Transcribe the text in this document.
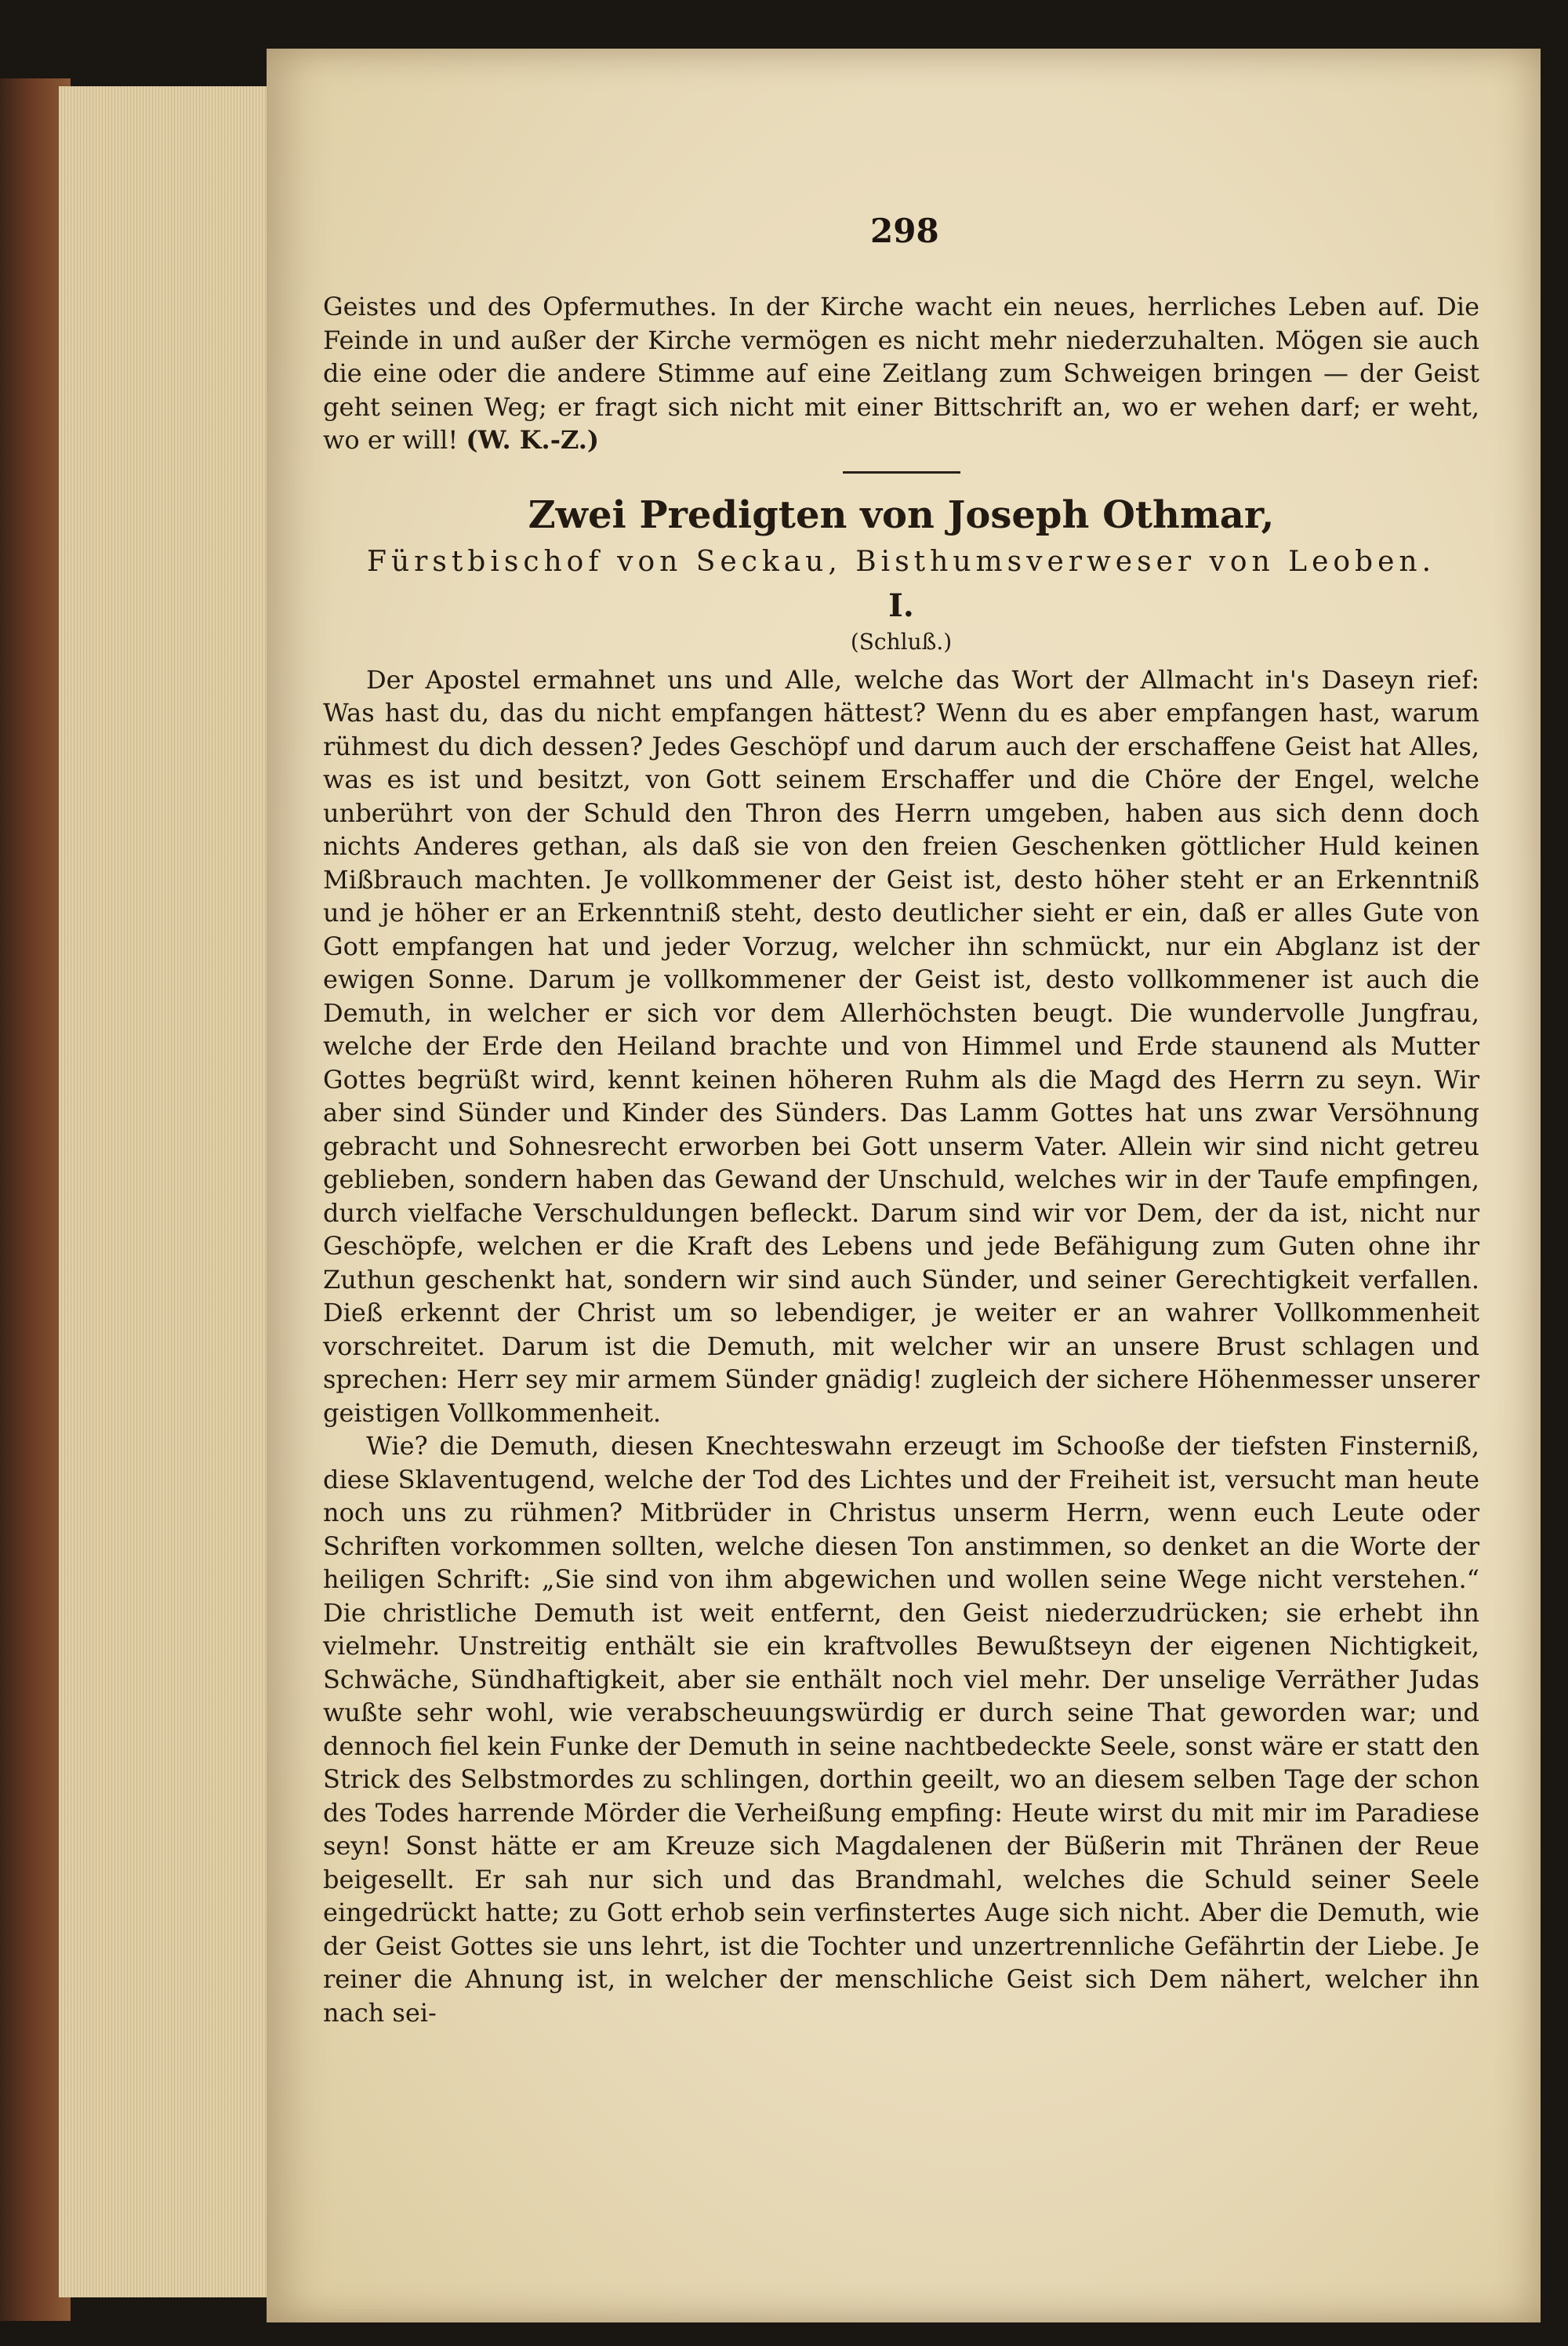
298

Geistes und des Opfermuthes. In der Kirche wacht ein neues, herrliches Leben auf. Die Feinde in und außer der Kirche vermögen es nicht mehr niederzuhalten. Mögen sie auch die eine oder die andere Stimme auf eine Zeitlang zum Schweigen bringen — der Geist geht seinen Weg; er fragt sich nicht mit einer Bittschrift an, wo er wehen darf; er weht, wo er will! (W. K.-Z.)

Zwei Predigten von Joseph Othmar,

Fürstbischof von Seckau, Bisthumsverweser von Leoben.

I.

(Schluß.)

Der Apostel ermahnet uns und Alle, welche das Wort der Allmacht in's Daseyn rief: Was hast du, das du nicht empfangen hättest? Wenn du es aber empfangen hast, warum rühmest du dich dessen? Jedes Geschöpf und darum auch der erschaffene Geist hat Alles, was es ist und besitzt, von Gott seinem Erschaffer und die Chöre der Engel, welche unberührt von der Schuld den Thron des Herrn umgeben, haben aus sich denn doch nichts Anderes gethan, als daß sie von den freien Geschenken göttlicher Huld keinen Mißbrauch machten. Je vollkommener der Geist ist, desto höher steht er an Erkenntniß und je höher er an Erkenntniß steht, desto deutlicher sieht er ein, daß er alles Gute von Gott empfangen hat und jeder Vorzug, welcher ihn schmückt, nur ein Abglanz ist der ewigen Sonne. Darum je vollkommener der Geist ist, desto vollkommener ist auch die Demuth, in welcher er sich vor dem Allerhöchsten beugt. Die wundervolle Jungfrau, welche der Erde den Heiland brachte und von Himmel und Erde staunend als Mutter Gottes begrüßt wird, kennt keinen höheren Ruhm als die Magd des Herrn zu seyn. Wir aber sind Sünder und Kinder des Sünders. Das Lamm Gottes hat uns zwar Versöhnung gebracht und Sohnesrecht erworben bei Gott unserm Vater. Allein wir sind nicht getreu geblieben, sondern haben das Gewand der Unschuld, welches wir in der Taufe empfingen, durch vielfache Verschuldungen befleckt. Darum sind wir vor Dem, der da ist, nicht nur Geschöpfe, welchen er die Kraft des Lebens und jede Befähigung zum Guten ohne ihr Zuthun geschenkt hat, sondern wir sind auch Sünder, und seiner Gerechtigkeit verfallen. Dieß erkennt der Christ um so lebendiger, je weiter er an wahrer Vollkommenheit vorschreitet. Darum ist die Demuth, mit welcher wir an unsere Brust schlagen und sprechen: Herr sey mir armem Sünder gnädig! zugleich der sichere Höhenmesser unserer geistigen Vollkommenheit.

Wie? die Demuth, diesen Knechteswahn erzeugt im Schooße der tiefsten Finsterniß, diese Sklaventugend, welche der Tod des Lichtes und der Freiheit ist, versucht man heute noch uns zu rühmen? Mitbrüder in Christus unserm Herrn, wenn euch Leute oder Schriften vorkommen sollten, welche diesen Ton anstimmen, so denket an die Worte der heiligen Schrift: „Sie sind von ihm abgewichen und wollen seine Wege nicht verstehen.“ Die christliche Demuth ist weit entfernt, den Geist niederzudrücken; sie erhebt ihn vielmehr. Unstreitig enthält sie ein kraftvolles Bewußtseyn der eigenen Nichtigkeit, Schwäche, Sündhaftigkeit, aber sie enthält noch viel mehr. Der unselige Verräther Judas wußte sehr wohl, wie verabscheuungswürdig er durch seine That geworden war; und dennoch fiel kein Funke der Demuth in seine nachtbedeckte Seele, sonst wäre er statt den Strick des Selbstmordes zu schlingen, dorthin geeilt, wo an diesem selben Tage der schon des Todes harrende Mörder die Verheißung empfing: Heute wirst du mit mir im Paradiese seyn! Sonst hätte er am Kreuze sich Magdalenen der Büßerin mit Thränen der Reue beigesellt. Er sah nur sich und das Brandmahl, welches die Schuld seiner Seele eingedrückt hatte; zu Gott erhob sein verfinstertes Auge sich nicht. Aber die Demuth, wie der Geist Gottes sie uns lehrt, ist die Tochter und unzertrennliche Gefährtin der Liebe. Je reiner die Ahnung ist, in welcher der menschliche Geist sich Dem nähert, welcher ihn nach sei-
